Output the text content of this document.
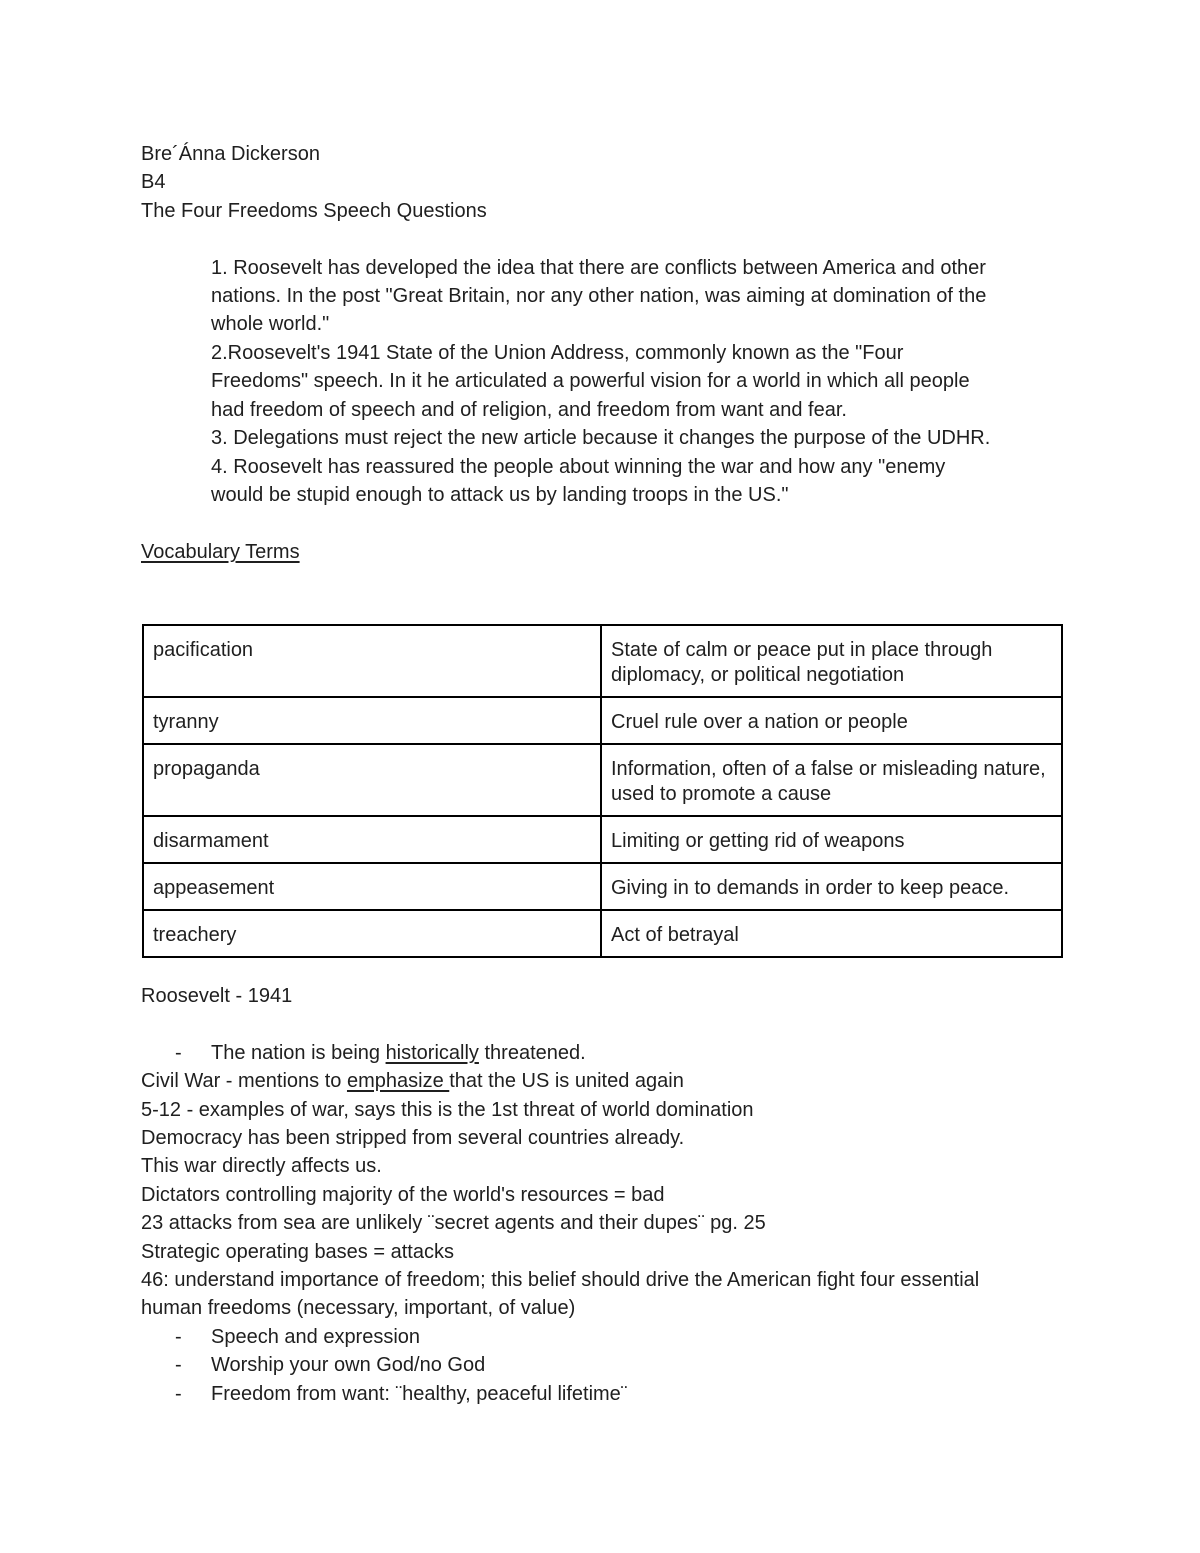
Bre´Ánna Dickerson
B4
The Four Freedoms Speech Questions
1. Roosevelt has developed the idea that there are conflicts between America and other
nations. In the post "Great Britain, nor any other nation, was aiming at domination of the
whole world."
2.Roosevelt's 1941 State of the Union Address, commonly known as the "Four
Freedoms" speech. In it he articulated a powerful vision for a world in which all people
had freedom of speech and of religion, and freedom from want and fear.
3. Delegations must reject the new article because it changes the purpose of the UDHR.
4. Roosevelt has reassured the people about winning the war and how any "enemy
would be stupid enough to attack us by landing troops in the US."
Vocabulary Terms
pacification	State of calm or peace put in place through diplomacy, or political negotiation
tyranny	Cruel rule over a nation or people
propaganda	Information, often of a false or misleading nature, used to promote a cause
disarmament	Limiting or getting rid of weapons
appeasement	Giving in to demands in order to keep peace.
treachery	Act of betrayal
Roosevelt - 1941
- The nation is being historically threatened.
Civil War - mentions to emphasize that the US is united again
5-12 - examples of war, says this is the 1st threat of world domination
Democracy has been stripped from several countries already.
This war directly affects us.
Dictators controlling majority of the world's resources = bad
23 attacks from sea are unlikely ¨secret agents and their dupes¨ pg. 25
Strategic operating bases = attacks
46: understand importance of freedom; this belief should drive the American fight four essential
human freedoms (necessary, important, of value)
- Speech and expression
- Worship your own God/no God
- Freedom from want: ¨healthy, peaceful lifetime¨
